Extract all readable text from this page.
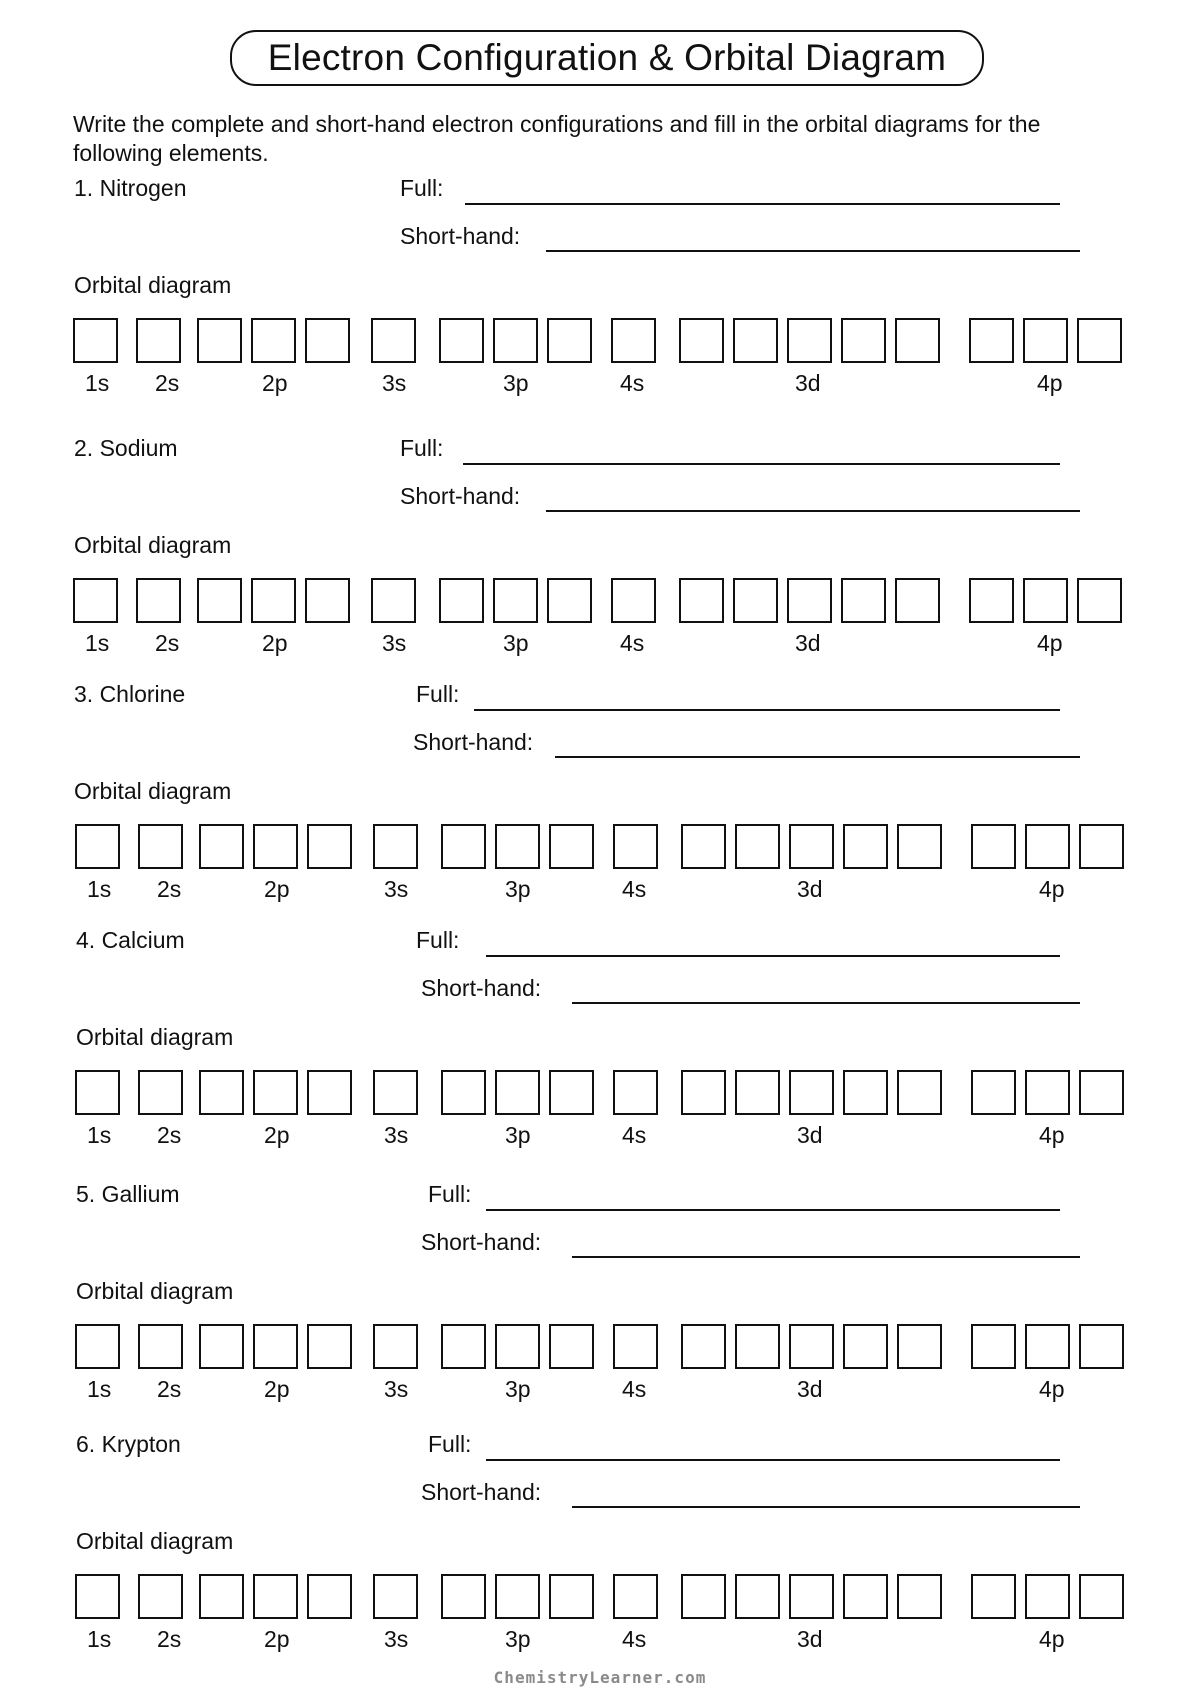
Electron Configuration & Orbital Diagram
Write the complete and short-hand electron configurations and fill in the orbital diagrams for the following elements.
1. Nitrogen	Full:
Short-hand:
Orbital diagram
1s 2s	2p	3s	3p	4s	3d	4p
2. Sodium	Full:
Short-hand:
Orbital diagram
1s 2s	2p	3s	3p	4s	3d	4p
3. Chlorine	Full:
Short-hand:
Orbital diagram
1s 2s	2p	3s	3p	4s	3d	4p
4. Calcium	Full:
Short-hand:
Orbital diagram
1s 2s	2p	3s	3p	4s	3d	4p
5. Gallium	Full:
Short-hand:
Orbital diagram
1s 2s	2p	3s	3p	4s	3d	4p
6. Krypton	Full:
Short-hand:
Orbital diagram
1s 2s	2p	3s	3p	4s	3d	4p
ChemistryLearner.com
